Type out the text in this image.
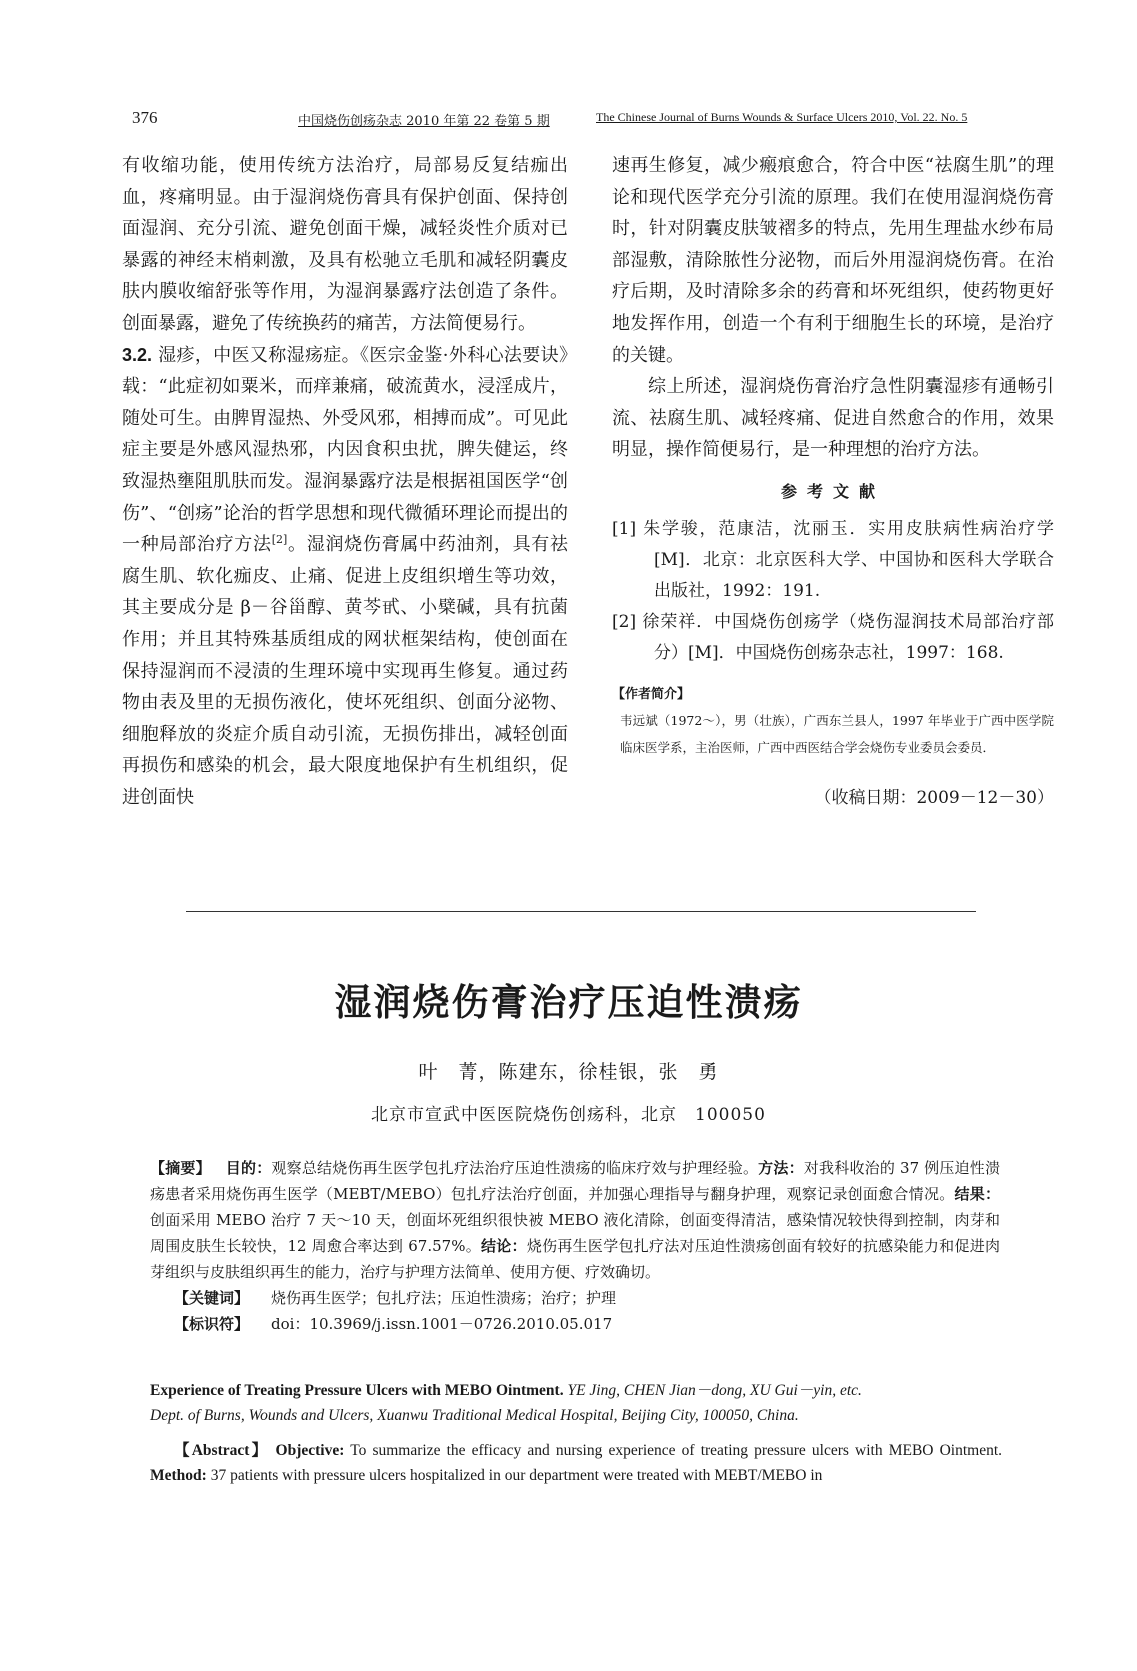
376	中国烧伤创疡杂志 2010 年第 22 卷第 5 期	The Chinese Journal of Burns Wounds & Surface Ulcers 2010, Vol. 22. No. 5

有收缩功能，使用传统方法治疗，局部易反复结痂出血，疼痛明显。由于湿润烧伤膏具有保护创面、保持创面湿润、充分引流、避免创面干燥，减轻炎性介质对已暴露的神经末梢刺激，及具有松驰立毛肌和减轻阴囊皮肤内膜收缩舒张等作用，为湿润暴露疗法创造了条件。创面暴露，避免了传统换药的痛苦，方法简便易行。

3.2. 湿疹，中医又称湿疡症。《医宗金鉴·外科心法要诀》载：“此症初如粟米，而痒兼痛，破流黄水，浸淫成片，随处可生。由脾胃湿热、外受风邪，相搏而成”。可见此症主要是外感风湿热邪，内因食积虫扰，脾失健运，终致湿热壅阻肌肤而发。湿润暴露疗法是根据祖国医学“创伤”、“创疡”论治的哲学思想和现代微循环理论而提出的一种局部治疗方法[2]。湿润烧伤膏属中药油剂，具有祛腐生肌、软化痂皮、止痛、促进上皮组织增生等功效，其主要成分是 β－谷甾醇、黄芩甙、小檗碱，具有抗菌作用；并且其特殊基质组成的网状框架结构，使创面在保持湿润而不浸渍的生理环境中实现再生修复。通过药物由表及里的无损伤液化，使坏死组织、创面分泌物、细胞释放的炎症介质自动引流，无损伤排出，减轻创面再损伤和感染的机会，最大限度地保护有生机组织，促进创面快

速再生修复，减少瘢痕愈合，符合中医“祛腐生肌”的理论和现代医学充分引流的原理。我们在使用湿润烧伤膏时，针对阴囊皮肤皱褶多的特点，先用生理盐水纱布局部湿敷，清除脓性分泌物，而后外用湿润烧伤膏。在治疗后期，及时清除多余的药膏和坏死组织，使药物更好地发挥作用，创造一个有利于细胞生长的环境，是治疗的关键。

综上所述，湿润烧伤膏治疗急性阴囊湿疹有通畅引流、祛腐生肌、减轻疼痛、促进自然愈合的作用，效果明显，操作简便易行，是一种理想的治疗方法。

参考文献

[1] 朱学骏，范康洁，沈丽玉．实用皮肤病性病治疗学[M]．北京：北京医科大学、中国协和医科大学联合出版社，1992：191.

[2] 徐荣祥．中国烧伤创疡学（烧伤湿润技术局部治疗部分）[M]．中国烧伤创疡杂志社，1997：168.

【作者简介】

韦远斌（1972～），男（壮族），广西东兰县人，1997 年毕业于广西中医学院临床医学系，主治医师，广西中西医结合学会烧伤专业委员会委员．

（收稿日期：2009－12－30）

湿润烧伤膏治疗压迫性溃疡
叶　菁，陈建东，徐桂银，张　勇
北京市宣武中医医院烧伤创疡科，北京　100050

【摘要】 目的：观察总结烧伤再生医学包扎疗法治疗压迫性溃疡的临床疗效与护理经验。方法：对我科收治的 37 例压迫性溃疡患者采用烧伤再生医学（MEBT/MEBO）包扎疗法治疗创面，并加强心理指导与翻身护理，观察记录创面愈合情况。结果：创面采用 MEBO 治疗 7 天～10 天，创面坏死组织很快被 MEBO 液化清除，创面变得清洁，感染情况较快得到控制，肉芽和周围皮肤生长较快，12 周愈合率达到 67.57%。结论：烧伤再生医学包扎疗法对压迫性溃疡创面有较好的抗感染能力和促进肉芽组织与皮肤组织再生的能力，治疗与护理方法简单、使用方便、疗效确切。

【关键词】 烧伤再生医学；包扎疗法；压迫性溃疡；治疗；护理

【标识符】 doi：10.3969/j.issn.1001－0726.2010.05.017

Experience of Treating Pressure Ulcers with MEBO Ointment. YE Jing, CHEN Jian－dong, XU Gui－yin, etc.

Dept. of Burns, Wounds and Ulcers, Xuanwu Traditional Medical Hospital, Beijing City, 100050, China.

【Abstract】 Objective: To summarize the efficacy and nursing experience of treating pressure ulcers with MEBO Ointment. Method: 37 patients with pressure ulcers hospitalized in our department were treated with MEBT/MEBO in
